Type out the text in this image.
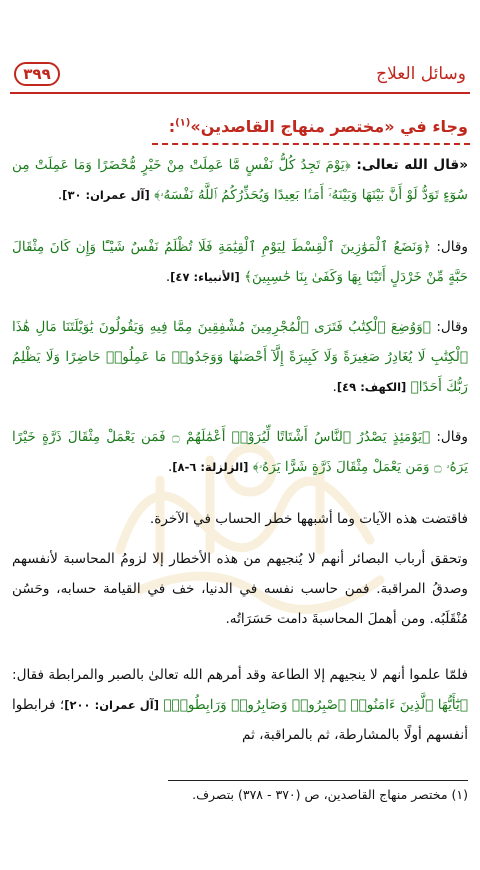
وسائل العلاج
٣٩٩
وجاء في «مختصر منهاج القاصدين»$^{(١)}$:
«قال الله تعالى: ﴿يَوْمَ تَجِدُ كُلُّ نَفْسٍ مَّا عَمِلَتْ مِنْ خَيْرٍ مُّحْضَرًا وَمَا عَمِلَتْ مِن سُوٓءٍ تَوَدُّ لَوْ أَنَّ بَيْنَهَا وَبَيْنَهُۥٓ أَمَدًۢا بَعِيدًا وَيُحَذِّرُكُمُ ٱللَّهُ نَفْسَهُۥ﴾ [آل عمران: ٣٠].
وقال: ﴿وَنَضَعُ ٱلْمَوَٰزِينَ ٱلْقِسْطَ لِيَوْمِ ٱلْقِيَٰمَةِ فَلَا تُظْلَمُ نَفْسٌ شَيْـًٔا وَإِن كَانَ مِثْقَالَ حَبَّةٍ مِّنْ خَرْدَلٍ أَتَيْنَا بِهَا وَكَفَىٰ بِنَا حَٰسِبِينَ﴾ [الأنبياء: ٤٧].
وقال: ﴿وَوُضِعَ ٱلْكِتَٰبُ فَتَرَى ٱلْمُجْرِمِينَ مُشْفِقِينَ مِمَّا فِيهِ وَيَقُولُونَ يَٰوَيْلَتَنَا مَالِ هَٰذَا ٱلْكِتَٰبِ لَا يُغَادِرُ صَغِيرَةً وَلَا كَبِيرَةً إِلَّآ أَحْصَىٰهَا وَوَجَدُوا۟ مَا عَمِلُوا۟ حَاضِرًا وَلَا يَظْلِمُ رَبُّكَ أَحَدًا﴾ [الكهف: ٤٩].
وقال: ﴿يَوْمَئِذٍ يَصْدُرُ ٱلنَّاسُ أَشْتَاتًا لِّيُرَوْا۟ أَعْمَٰلَهُمْ ۝ فَمَن يَعْمَلْ مِثْقَالَ ذَرَّةٍ خَيْرًا يَرَهُۥ ۝ وَمَن يَعْمَلْ مِثْقَالَ ذَرَّةٍ شَرًّا يَرَهُۥ﴾ [الزلزلة: ٦-٨].
فاقتضت هذه الآيات وما أشبهها خطر الحساب في الآخرة.
وتحقق أرباب البصائر أنهم لا يُنجيهم من هذه الأخطار إلا لزومُ المحاسبة لأنفسهم وصدقُ المراقبة. فمن حاسب نفسه في الدنيا، خف في القيامة حسابه، وحَسُن مُنْقَلَبُه. ومن أهملَ المحاسبةَ دامت حَسَرَاتُه.
فلمّا علموا أنهم لا ينجيهم إلا الطاعة وقد أمرهم الله تعالىٰ بالصبر والمرابطة فقال: ﴿يَٰٓأَيُّهَا ٱلَّذِينَ ءَامَنُوا۟ ٱصْبِرُوا۟ وَصَابِرُوا۟ وَرَابِطُوا۟﴾ [آل عمران: ٢٠٠]؛ فرابطوا أنفسهم أولًا بالمشارطة، ثم بالمراقبة، ثم
(١) مختصر منهاج القاصدين، ص (٣٧٠ - ٣٧٨) بتصرف.
